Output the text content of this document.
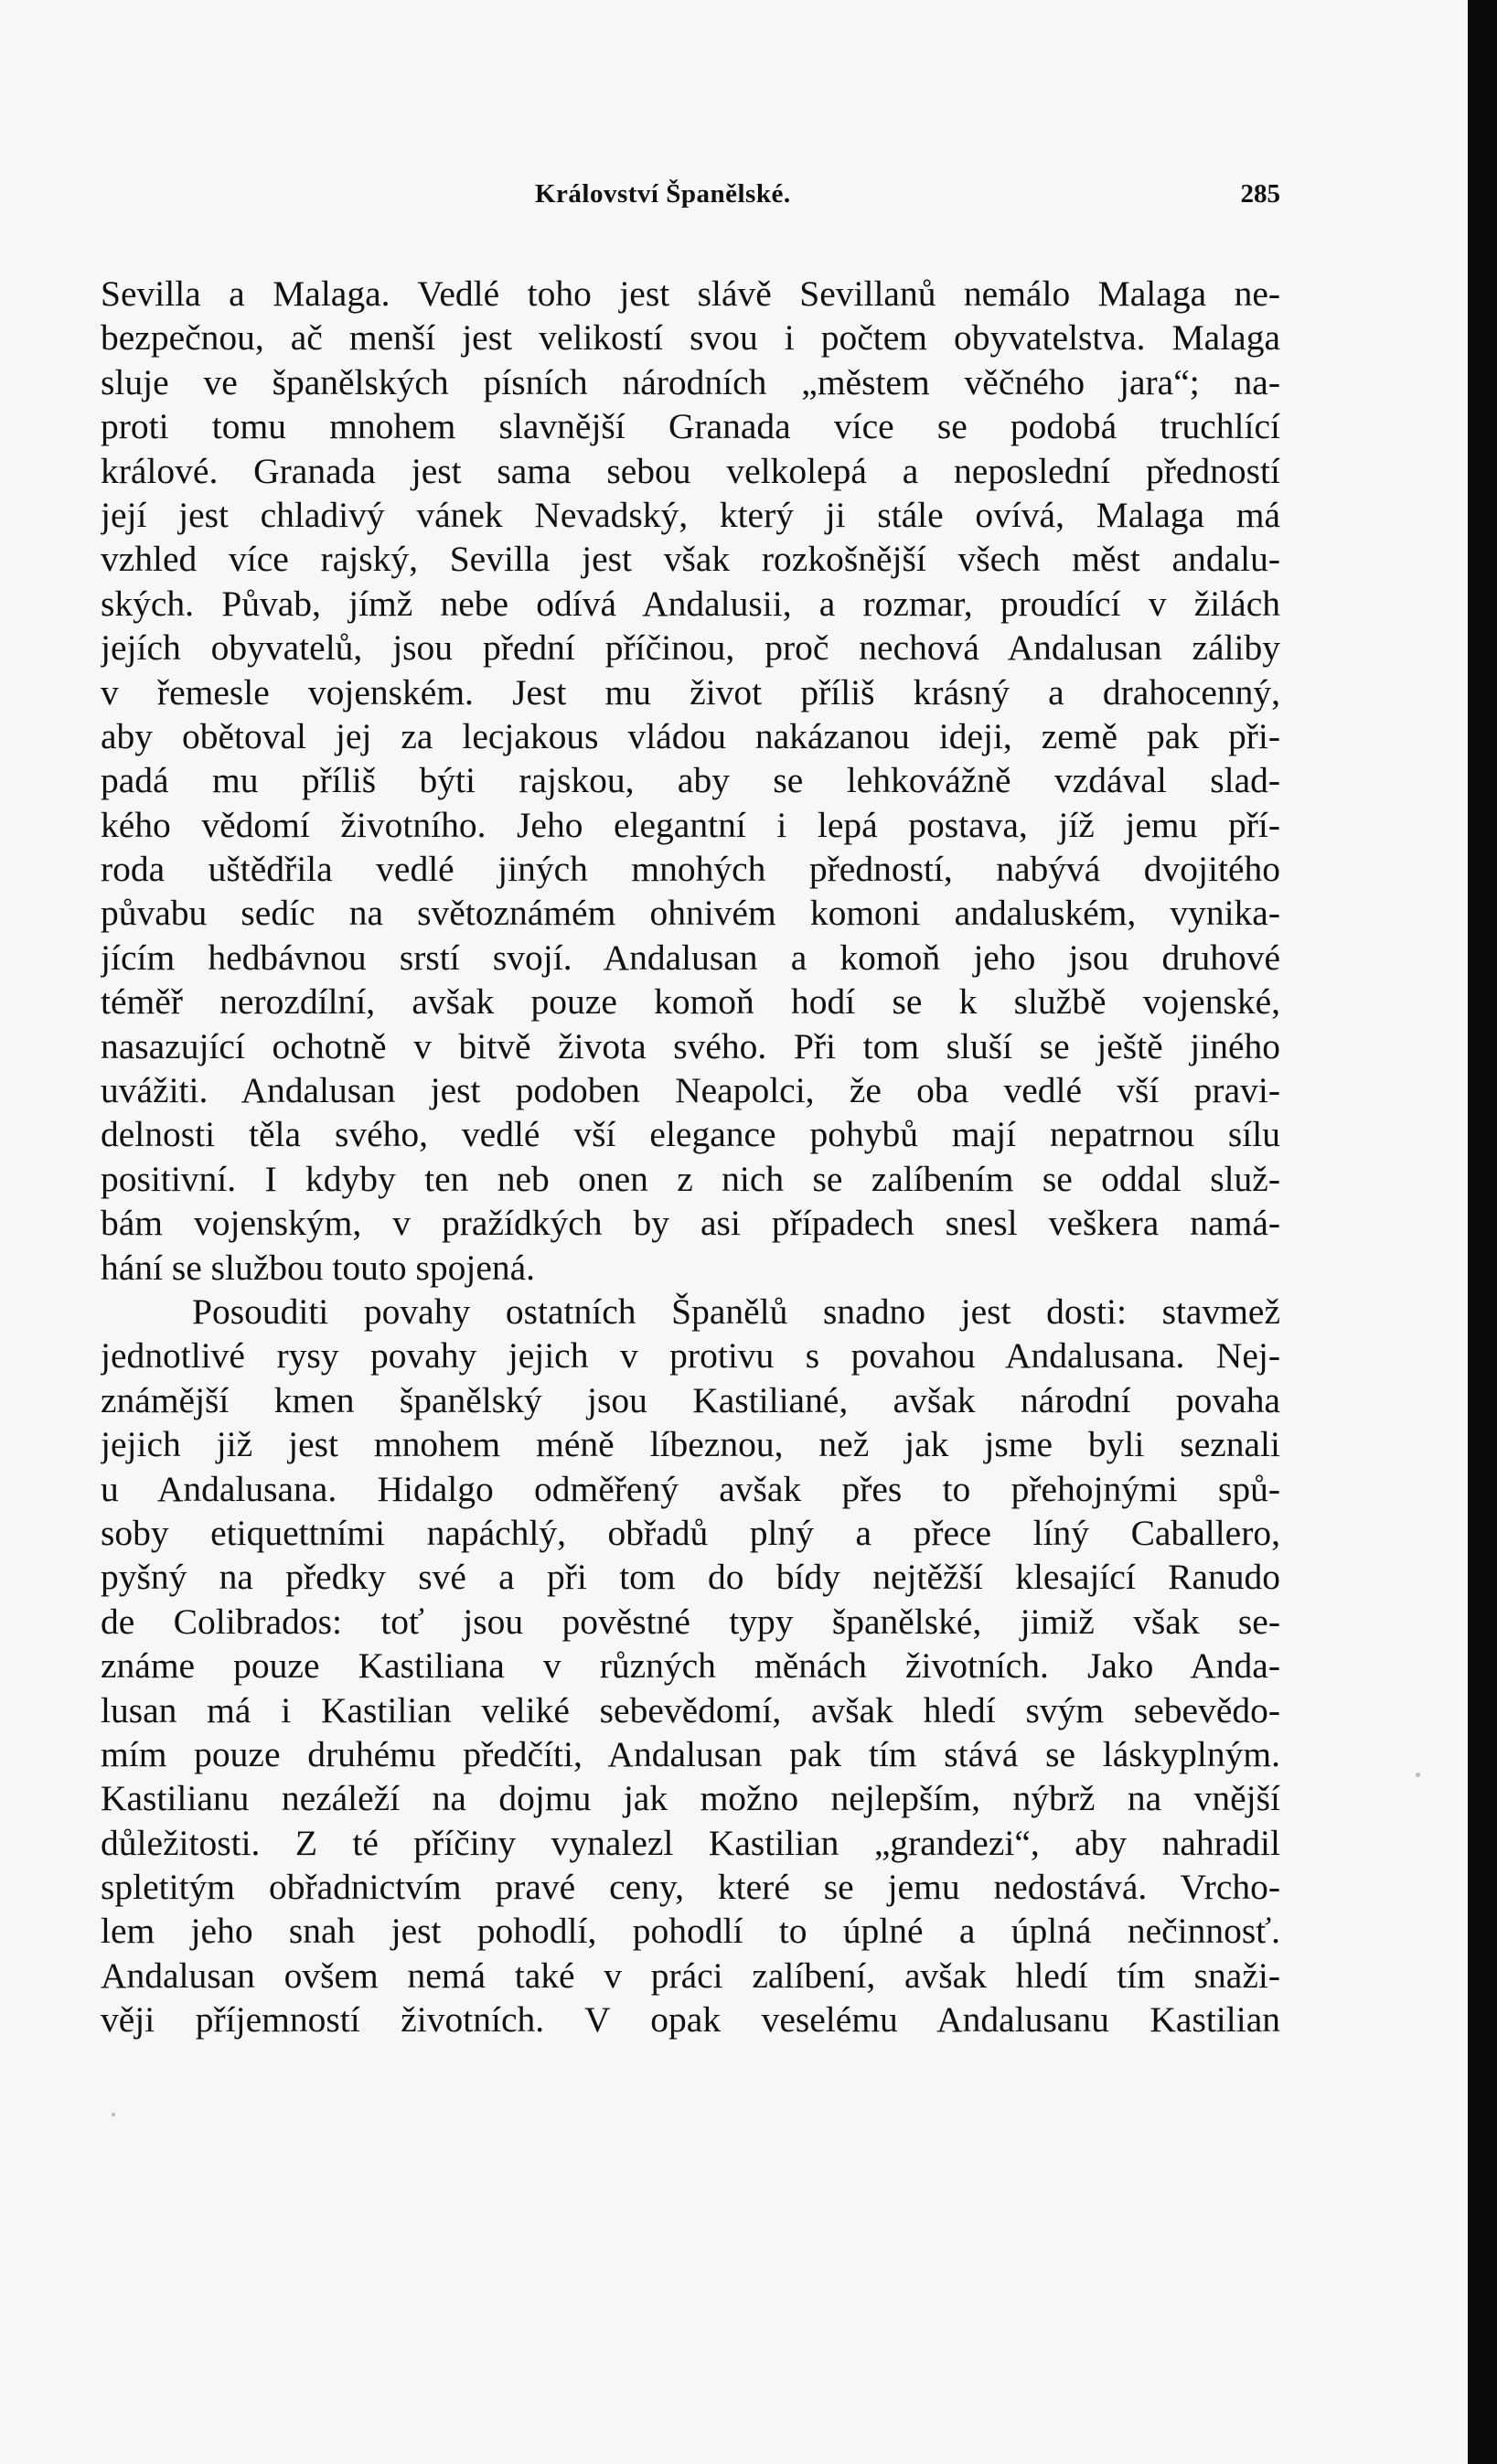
Království Španělské.	285
Sevilla a Malaga. Vedlé toho jest slávě Sevillanů nemálo Malaga ne-
bezpečnou, ač menší jest velikostí svou i počtem obyvatelstva. Malaga
sluje ve španělských písních národních „městem věčného jara“; na-
proti tomu mnohem slavnější Granada více se podobá truchlící
králové. Granada jest sama sebou velkolepá a neposlední předností
její jest chladivý vánek Nevadský, který ji stále ovívá, Malaga má
vzhled více rajský, Sevilla jest však rozkošnější všech měst andalu-
ských. Půvab, jímž nebe odívá Andalusii, a rozmar, proudící v žilách
jejích obyvatelů, jsou přední příčinou, proč nechová Andalusan záliby
v řemesle vojenském. Jest mu život příliš krásný a drahocenný,
aby obětoval jej za lecjakous vládou nakázanou ideji, země pak při-
padá mu příliš býti rajskou, aby se lehkovážně vzdával slad-
kého vědomí životního. Jeho elegantní i lepá postava, jíž jemu pří-
roda uštědřila vedlé jiných mnohých předností, nabývá dvojitého
půvabu sedíc na světoznámém ohnivém komoni andaluském, vynika-
jícím hedbávnou srstí svojí. Andalusan a komoň jeho jsou druhové
téměř nerozdílní, avšak pouze komoň hodí se k službě vojenské,
nasazující ochotně v bitvě života svého. Při tom sluší se ještě jiného
uvážiti. Andalusan jest podoben Neapolci, že oba vedlé vší pravi-
delnosti těla svého, vedlé vší elegance pohybů mají nepatrnou sílu
positivní. I kdyby ten neb onen z nich se zalíbením se oddal služ-
bám vojenským, v pražídkých by asi případech snesl veškera namá-
hání se službou touto spojená.
Posouditi povahy ostatních Španělů snadno jest dosti: stavmež
jednotlivé rysy povahy jejich v protivu s povahou Andalusana. Nej-
známější kmen španělský jsou Kastiliané, avšak národní povaha
jejich již jest mnohem méně líbeznou, než jak jsme byli seznali
u Andalusana. Hidalgo odměřený avšak přes to přehojnými spů-
soby etiquettními napáchlý, obřadů plný a přece líný Caballero,
pyšný na předky své a při tom do bídy nejtěžší klesající Ranudo
de Colibrados: toť jsou pověstné typy španělské, jimiž však se-
známe pouze Kastiliana v různých měnách životních. Jako Anda-
lusan má i Kastilian veliké sebevědomí, avšak hledí svým sebevědo-
mím pouze druhému předčíti, Andalusan pak tím stává se láskyplným.
Kastilianu nezáleží na dojmu jak možno nejlepším, nýbrž na vnější
důležitosti. Z té příčiny vynalezl Kastilian „grandezi“, aby nahradil
spletitým obřadnictvím pravé ceny, které se jemu nedostává. Vrcho-
lem jeho snah jest pohodlí, pohodlí to úplné a úplná nečinnosť.
Andalusan ovšem nemá také v práci zalíbení, avšak hledí tím snaži-
věji příjemností životních. V opak veselému Andalusanu Kastilian
